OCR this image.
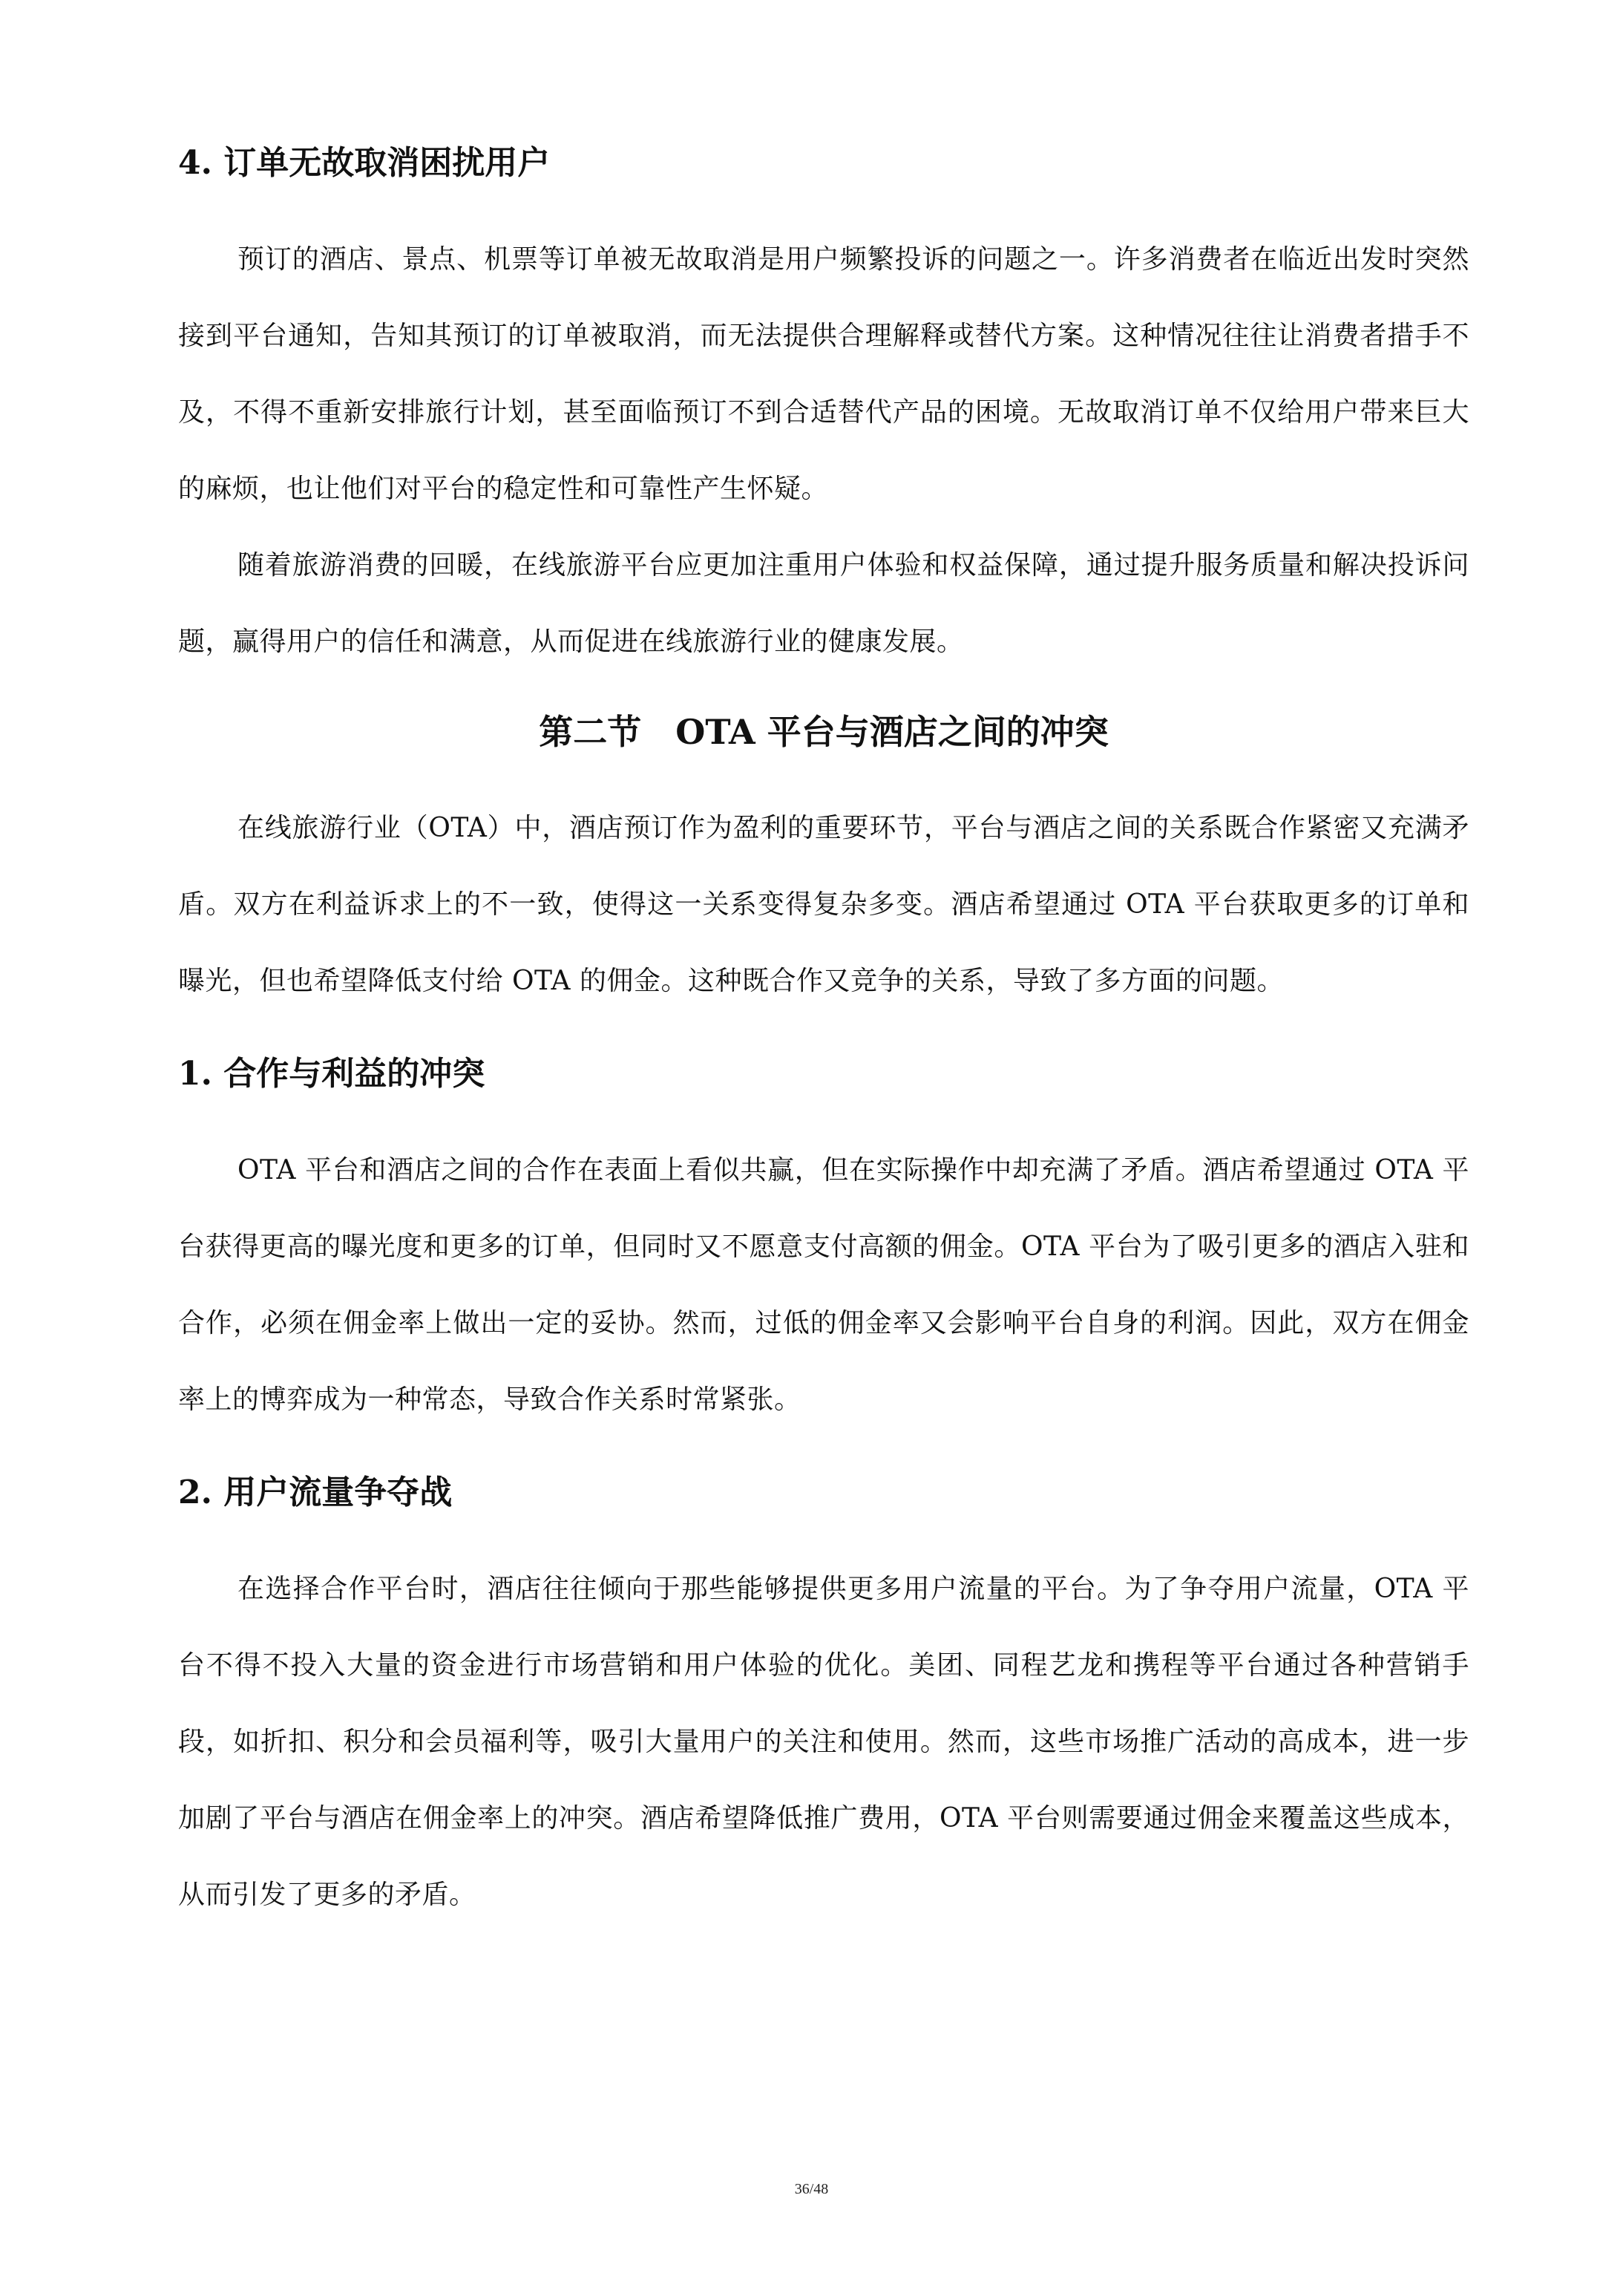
4. 订单无故取消困扰用户

预订的酒店、景点、机票等订单被无故取消是用户频繁投诉的问题之一。许多消费者在临近出发时突然接到平台通知，告知其预订的订单被取消，而无法提供合理解释或替代方案。这种情况往往让消费者措手不及，不得不重新安排旅行计划，甚至面临预订不到合适替代产品的困境。无故取消订单不仅给用户带来巨大的麻烦，也让他们对平台的稳定性和可靠性产生怀疑。

随着旅游消费的回暖，在线旅游平台应更加注重用户体验和权益保障，通过提升服务质量和解决投诉问题，赢得用户的信任和满意，从而促进在线旅游行业的健康发展。

第二节　OTA 平台与酒店之间的冲突

在线旅游行业（OTA）中，酒店预订作为盈利的重要环节，平台与酒店之间的关系既合作紧密又充满矛盾。双方在利益诉求上的不一致，使得这一关系变得复杂多变。酒店希望通过 OTA 平台获取更多的订单和曝光，但也希望降低支付给 OTA 的佣金。这种既合作又竞争的关系，导致了多方面的问题。

1. 合作与利益的冲突

OTA 平台和酒店之间的合作在表面上看似共赢，但在实际操作中却充满了矛盾。酒店希望通过 OTA 平台获得更高的曝光度和更多的订单，但同时又不愿意支付高额的佣金。OTA 平台为了吸引更多的酒店入驻和合作，必须在佣金率上做出一定的妥协。然而，过低的佣金率又会影响平台自身的利润。因此，双方在佣金率上的博弈成为一种常态，导致合作关系时常紧张。

2. 用户流量争夺战

在选择合作平台时，酒店往往倾向于那些能够提供更多用户流量的平台。为了争夺用户流量，OTA 平台不得不投入大量的资金进行市场营销和用户体验的优化。美团、同程艺龙和携程等平台通过各种营销手段，如折扣、积分和会员福利等，吸引大量用户的关注和使用。然而，这些市场推广活动的高成本，进一步加剧了平台与酒店在佣金率上的冲突。酒店希望降低推广费用，OTA 平台则需要通过佣金来覆盖这些成本，从而引发了更多的矛盾。

36/48
